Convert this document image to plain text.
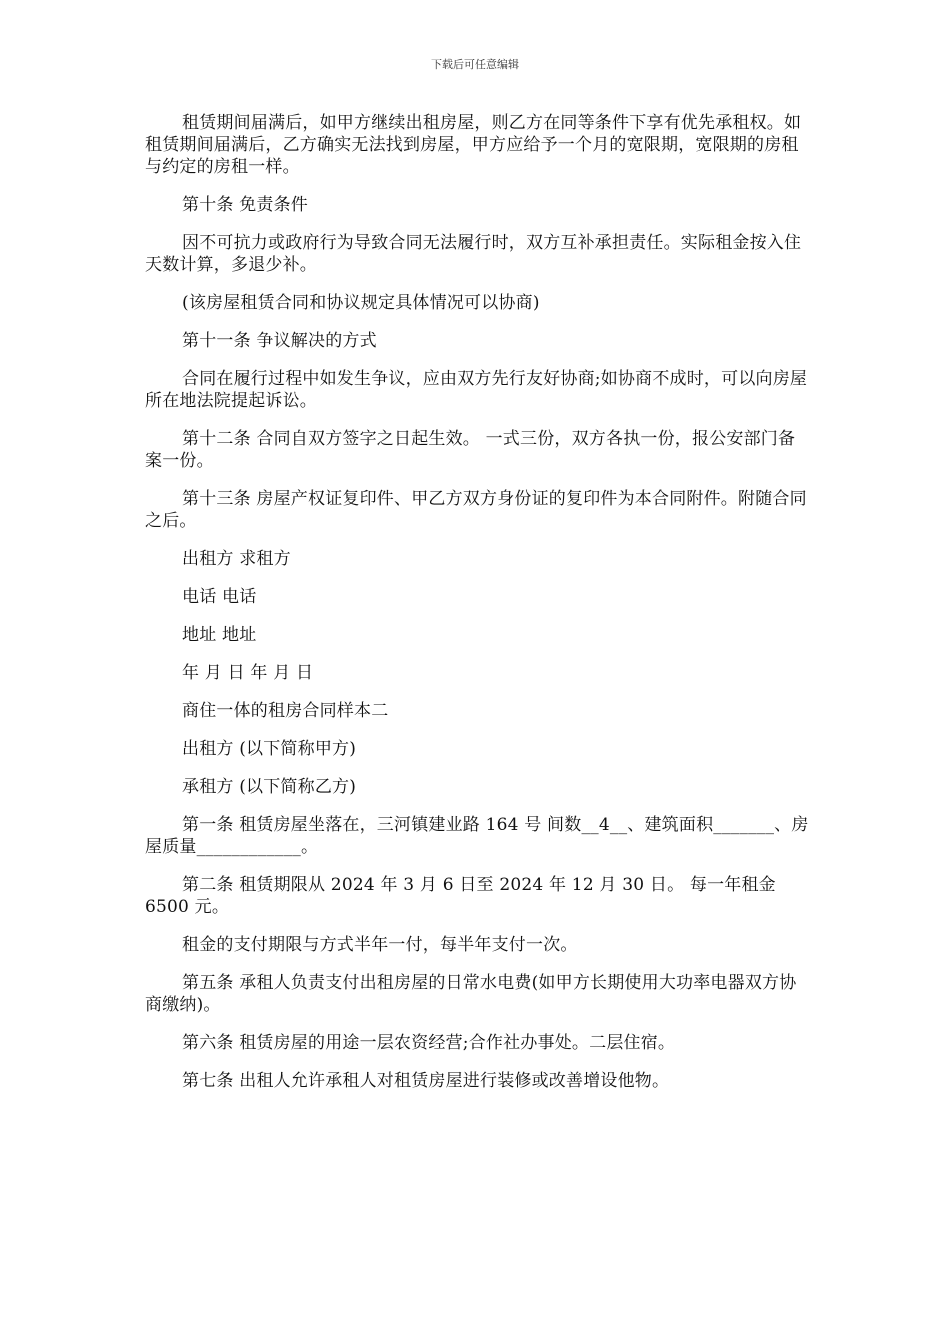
下载后可任意编辑

租赁期间届满后，如甲方继续出租房屋，则乙方在同等条件下享有优先承租权。如租赁期间届满后，乙方确实无法找到房屋，甲方应给予一个月的宽限期，宽限期的房租与约定的房租一样。

第十条 免责条件

因不可抗力或政府行为导致合同无法履行时，双方互补承担责任。实际租金按入住天数计算，多退少补。

(该房屋租赁合同和协议规定具体情况可以协商)

第十一条 争议解决的方式

合同在履行过程中如发生争议，应由双方先行友好协商;如协商不成时，可以向房屋所在地法院提起诉讼。

第十二条 合同自双方签字之日起生效。 一式三份，双方各执一份，报公安部门备案一份。

第十三条 房屋产权证复印件、甲乙方双方身份证的复印件为本合同附件。附随合同之后。

出租方 求租方

电话 电话

地址 地址

年 月 日 年 月 日

商住一体的租房合同样本二

出租方 (以下简称甲方)

承租方 (以下简称乙方)

第一条 租赁房屋坐落在，三河镇建业路 164 号 间数__4__、建筑面积_______、房屋质量____________。

第二条 租赁期限从 2024 年 3 月 6 日至 2024 年 12 月 30 日。 每一年租金 6500 元。

租金的支付期限与方式半年一付，每半年支付一次。

第五条 承租人负责支付出租房屋的日常水电费(如甲方长期使用大功率电器双方协商缴纳)。

第六条 租赁房屋的用途一层农资经营;合作社办事处。二层住宿。

第七条 出租人允许承租人对租赁房屋进行装修或改善增设他物。
